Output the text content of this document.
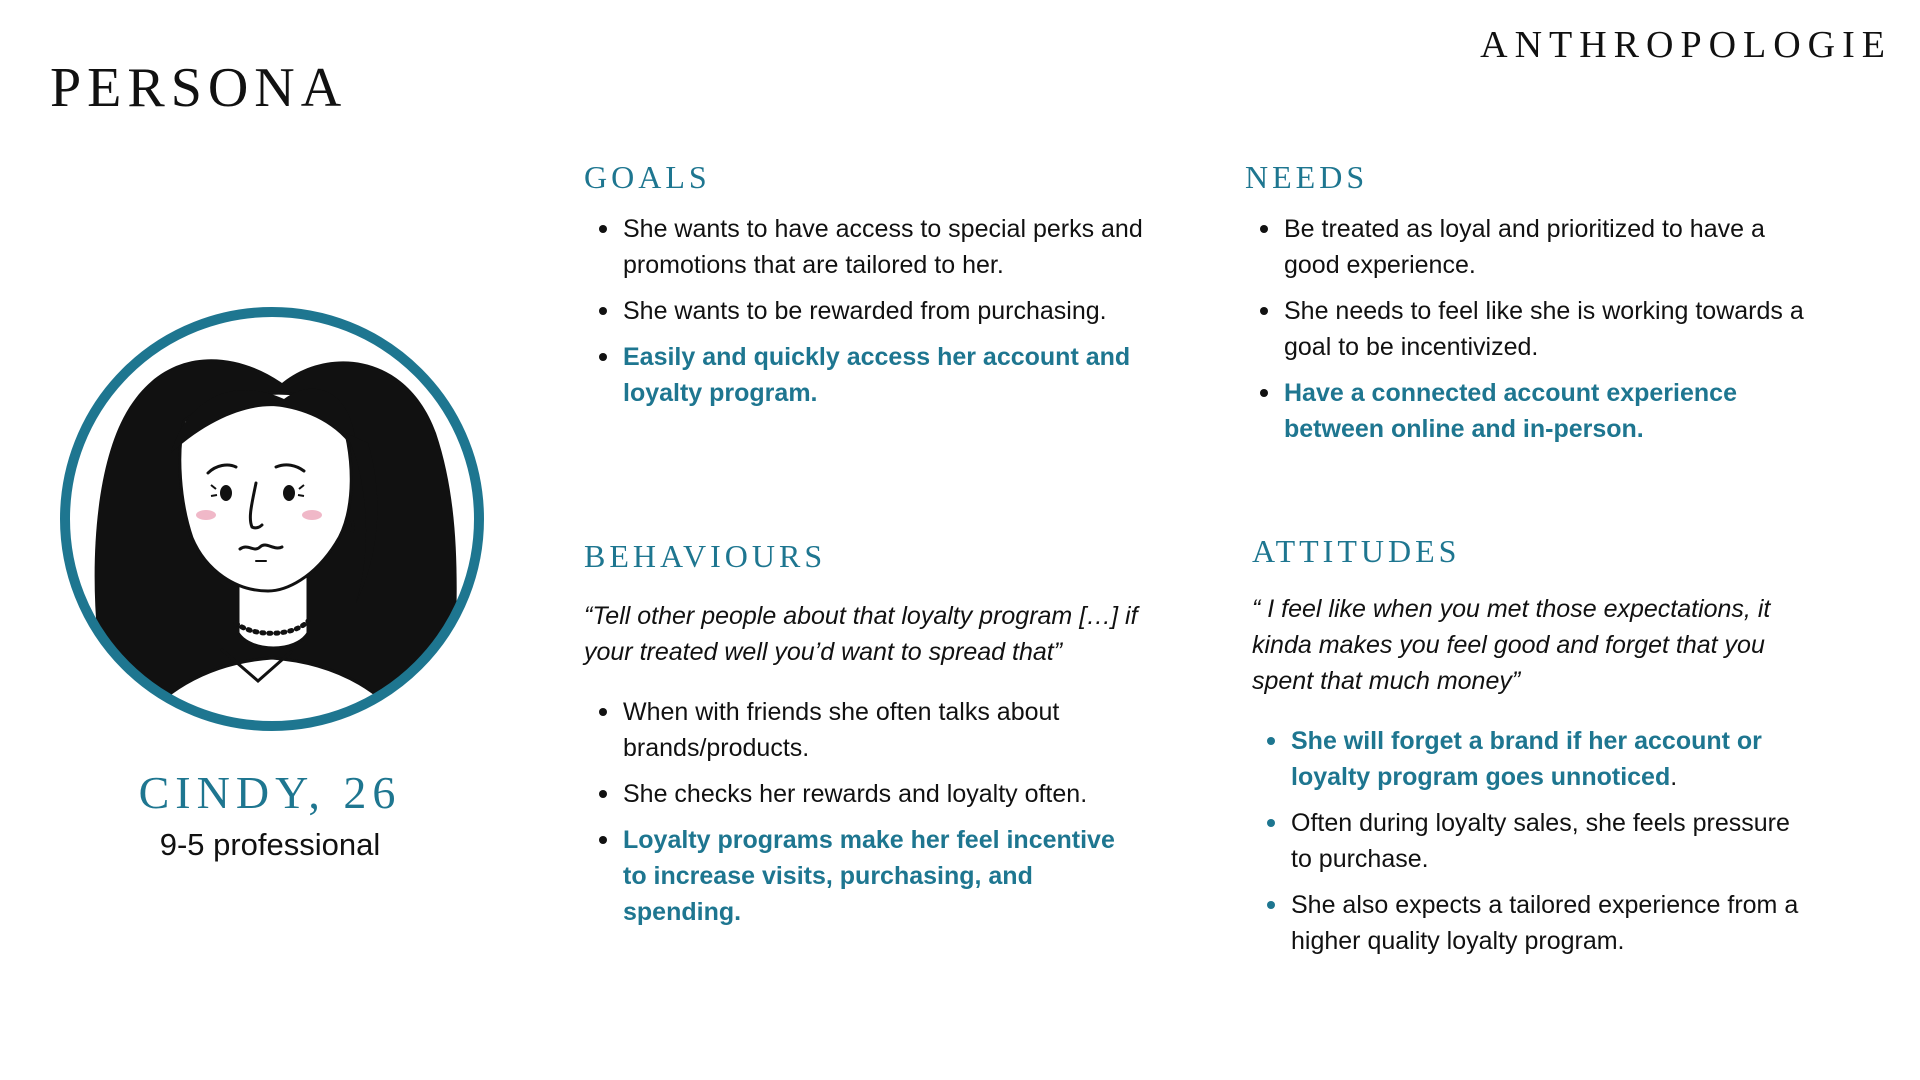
PERSONA
ANTHROPOLOGIE
CINDY, 26
9-5 professional
GOALS
She wants to have access to special perks and promotions that are tailored to her.
She wants to be rewarded from purchasing.
Easily and quickly access her account and loyalty program.
NEEDS
Be treated as loyal and prioritized to have a good experience.
She needs to feel like she is working towards a goal to be incentivized.
Have a connected account experience between online and in-person.
BEHAVIOURS

“Tell other people about that loyalty program […] if your treated well you’d want to spread that”

When with friends she often talks about brands/products.
She checks her rewards and loyalty often.
Loyalty programs make her feel incentive to increase visits, purchasing, and spending.
ATTITUDES

“ I feel like when you met those expectations, it kinda makes you feel good and forget that you spent that much money”

She will forget a brand if her account or loyalty program goes unnoticed.
Often during loyalty sales, she feels pressure to purchase.
She also expects a tailored experience from a higher quality loyalty program.
